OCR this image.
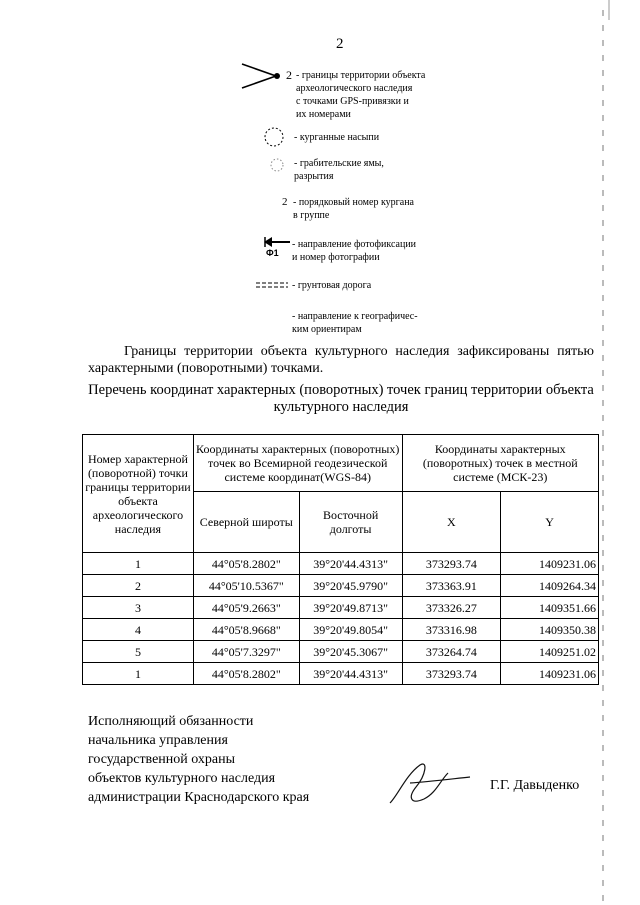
2
2 - границы территории объекта
археологического наследия
с точками GPS-привязки и
их номерами
- курганные насыпи
- грабительские ямы,
разрытия
2 - порядковый номер кургана
в группе
Ф1
- направление фотофиксации
и номер фотографии
- грунтовая дорога
- направление к географичес-
ким ориентирам
Границы территории объекта культурного наследия зафиксированы пятью характерными (поворотными) точками.
Перечень координат характерных (поворотных) точек границ территории объекта культурного наследия
Номер характерной (поворотной) точки границы территории объекта археологического наследия	Координаты характерных (поворотных) точек во Всемирной геодезической системе координат(WGS-84)		Координаты характерных (поворотных) точек в местной системе (МСК-23)	
	Северной широты	Восточной долготы	X	Y
1	44°05'8.2802"	39°20'44.4313"	373293.74	1409231.06
2	44°05'10.5367"	39°20'45.9790"	373363.91	1409264.34
3	44°05'9.2663"	39°20'49.8713"	373326.27	1409351.66
4	44°05'8.9668"	39°20'49.8054"	373316.98	1409350.38
5	44°05'7.3297"	39°20'45.3067"	373264.74	1409251.02
1	44°05'8.2802"	39°20'44.4313"	373293.74	1409231.06
Исполняющий обязанности
начальника управления
государственной охраны
объектов культурного наследия
администрации Краснодарского края
Г.Г. Давыденко
